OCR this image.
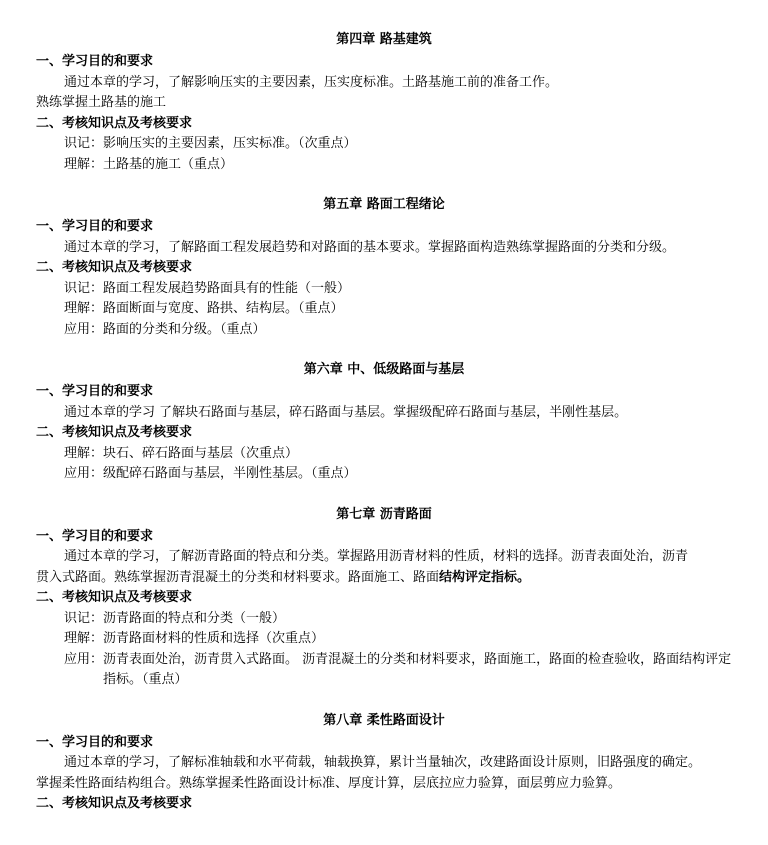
第四章 路基建筑
一、学习目的和要求
通过本章的学习，了解影响压实的主要因素，压实度标准。土路基施工前的准备工作。
熟练掌握土路基的施工
二、考核知识点及考核要求
识记：影响压实的主要因素，压实标准。（次重点）
理解：土路基的施工（重点）
第五章 路面工程绪论
一、学习目的和要求
通过本章的学习，了解路面工程发展趋势和对路面的基本要求。掌握路面构造熟练掌握路面的分类和分级。
二、考核知识点及考核要求
识记：路面工程发展趋势路面具有的性能（一般）
理解：路面断面与宽度、路拱、结构层。（重点）
应用：路面的分类和分级。（重点）
第六章 中、低级路面与基层
一、学习目的和要求
通过本章的学习 了解块石路面与基层，碎石路面与基层。掌握级配碎石路面与基层，半刚性基层。
二、考核知识点及考核要求
理解：块石、碎石路面与基层（次重点）
应用：级配碎石路面与基层，半刚性基层。（重点）
第七章 沥青路面
一、学习目的和要求
通过本章的学习，了解沥青路面的特点和分类。掌握路用沥青材料的性质，材料的选择。沥青表面处治，沥青
贯入式路面。熟练掌握沥青混凝土的分类和材料要求。路面施工、路面结构评定指标。
二、考核知识点及考核要求
识记：沥青路面的特点和分类（一般）
理解：沥青路面材料的性质和选择（次重点）
应用： 沥青表面处治，沥青贯入式路面。 沥青混凝土的分类和材料要求，路面施工，路面的检查验收，路面结构评定指标。（重点）
第八章 柔性路面设计
一、学习目的和要求
通过本章的学习，了解标准轴载和水平荷载，轴载换算，累计当量轴次，改建路面设计原则，旧路强度的确定。
掌握柔性路面结构组合。熟练掌握柔性路面设计标准、厚度计算，层底拉应力验算，面层剪应力验算。
二、考核知识点及考核要求
